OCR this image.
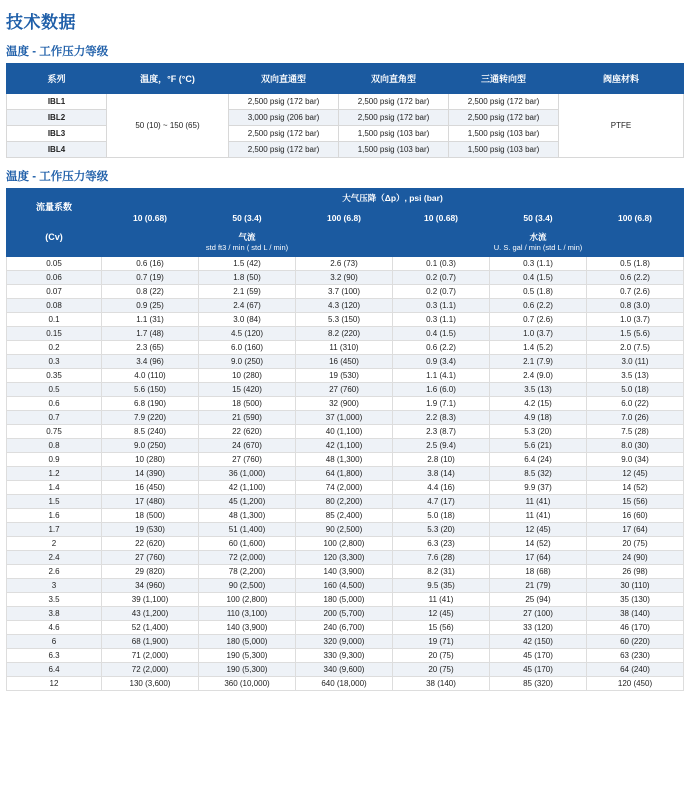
技术数据
温度 - 工作压力等级
系列	温度，°F (°C)	双向直通型	双向直角型	三通转向型	阀座材料
IBL1	50 (10) ~ 150 (65)	2,500 psig (172 bar)	2,500 psig (172 bar)	2,500 psig (172 bar)	PTFE
IBL2		3,000 psig (206 bar)	2,500 psig (172 bar)	2,500 psig (172 bar)	
IBL3		2,500 psig (172 bar)	1,500 psig (103 bar)	1,500 psig (103 bar)	
IBL4		2,500 psig (172 bar)	1,500 psig (103 bar)	1,500 psig (103 bar)	
温度 - 工作压力等级
流量系数
(Cv)	大气压降（Δp）, psi (bar)					
	10 (0.68)	50 (3.4)	100 (6.8)	10 (0.68)	50 (3.4)	100 (6.8)
	气流
std ft3 / min ( std L / min)			水流
U. S. gal / min (std L / min)		

0.05	0.6 (16)	1.5 (42)	2.6 (73)	0.1 (0.3)	0.3 (1.1)	0.5 (1.8)
0.06	0.7 (19)	1.8 (50)	3.2 (90)	0.2 (0.7)	0.4 (1.5)	0.6 (2.2)
0.07	0.8 (22)	2.1 (59)	3.7 (100)	0.2 (0.7)	0.5 (1.8)	0.7 (2.6)
0.08	0.9 (25)	2.4 (67)	4.3 (120)	0.3 (1.1)	0.6 (2.2)	0.8 (3.0)
0.1	1.1 (31)	3.0 (84)	5.3 (150)	0.3 (1.1)	0.7 (2.6)	1.0 (3.7)
0.15	1.7 (48)	4.5 (120)	8.2 (220)	0.4 (1.5)	1.0 (3.7)	1.5 (5.6)
0.2	2.3 (65)	6.0 (160)	11 (310)	0.6 (2.2)	1.4 (5.2)	2.0 (7.5)
0.3	3.4 (96)	9.0 (250)	16 (450)	0.9 (3.4)	2.1 (7.9)	3.0 (11)
0.35	4.0 (110)	10 (280)	19 (530)	1.1 (4.1)	2.4 (9.0)	3.5 (13)
0.5	5.6 (150)	15 (420)	27 (760)	1.6 (6.0)	3.5 (13)	5.0 (18)
0.6	6.8 (190)	18 (500)	32 (900)	1.9 (7.1)	4.2 (15)	6.0 (22)
0.7	7.9 (220)	21 (590)	37 (1,000)	2.2 (8.3)	4.9 (18)	7.0 (26)
0.75	8.5 (240)	22 (620)	40 (1,100)	2.3 (8.7)	5.3 (20)	7.5 (28)
0.8	9.0 (250)	24 (670)	42 (1,100)	2.5 (9.4)	5.6 (21)	8.0 (30)
0.9	10 (280)	27 (760)	48 (1,300)	2.8 (10)	6.4 (24)	9.0 (34)
1.2	14 (390)	36 (1,000)	64 (1,800)	3.8 (14)	8.5 (32)	12 (45)
1.4	16 (450)	42 (1,100)	74 (2,000)	4.4 (16)	9.9 (37)	14 (52)
1.5	17 (480)	45 (1,200)	80 (2,200)	4.7 (17)	11 (41)	15 (56)
1.6	18 (500)	48 (1,300)	85 (2,400)	5.0 (18)	11 (41)	16 (60)
1.7	19 (530)	51 (1,400)	90 (2,500)	5.3 (20)	12 (45)	17 (64)
2	22 (620)	60 (1,600)	100 (2,800)	6.3 (23)	14 (52)	20 (75)
2.4	27 (760)	72 (2,000)	120 (3,300)	7.6 (28)	17 (64)	24 (90)
2.6	29 (820)	78 (2,200)	140 (3,900)	8.2 (31)	18 (68)	26 (98)
3	34 (960)	90 (2,500)	160 (4,500)	9.5 (35)	21 (79)	30 (110)
3.5	39 (1,100)	100 (2,800)	180 (5,000)	11 (41)	25 (94)	35 (130)
3.8	43 (1,200)	110 (3,100)	200 (5,700)	12 (45)	27 (100)	38 (140)
4.6	52 (1,400)	140 (3,900)	240 (6,700)	15 (56)	33 (120)	46 (170)
6	68 (1,900)	180 (5,000)	320 (9,000)	19 (71)	42 (150)	60 (220)
6.3	71 (2,000)	190 (5,300)	330 (9,300)	20 (75)	45 (170)	63 (230)
6.4	72 (2,000)	190 (5,300)	340 (9,600)	20 (75)	45 (170)	64 (240)
12	130 (3,600)	360 (10,000)	640 (18,000)	38 (140)	85 (320)	120 (450)
